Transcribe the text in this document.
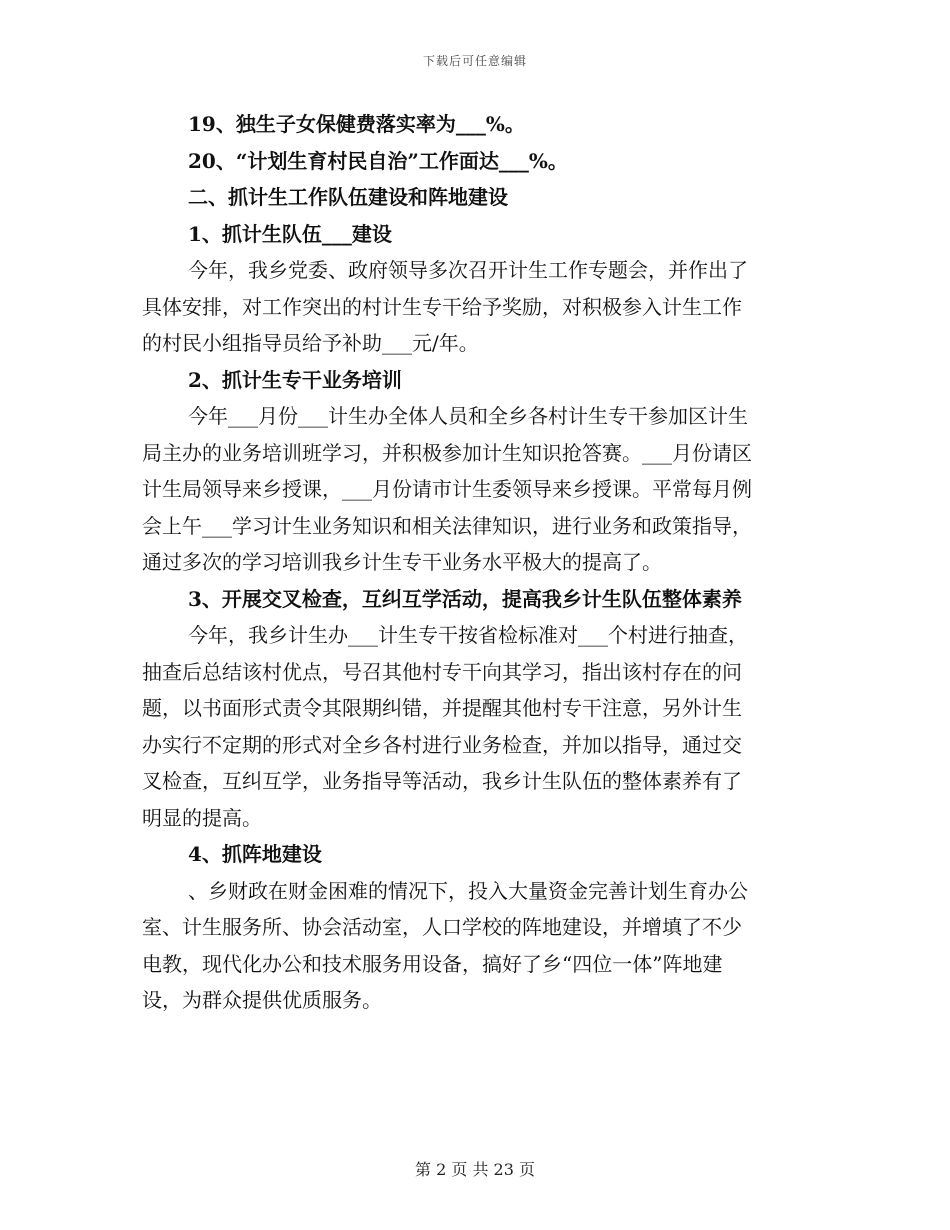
下载后可任意编辑
19、独生子女保健费落实率为___%。
20、“计划生育村民自治”工作面达___%。
二、抓计生工作队伍建设和阵地建设
1、抓计生队伍___建设
今年，我乡党委、政府领导多次召开计生工作专题会，并作出了
具体安排，对工作突出的村计生专干给予奖励，对积极参入计生工作
的村民小组指导员给予补助___元/年。
2、抓计生专干业务培训
今年___月份___计生办全体人员和全乡各村计生专干参加区计生
局主办的业务培训班学习，并积极参加计生知识抢答赛。___月份请区
计生局领导来乡授课，___月份请市计生委领导来乡授课。平常每月例
会上午___学习计生业务知识和相关法律知识，进行业务和政策指导，
通过多次的学习培训我乡计生专干业务水平极大的提高了。
3、开展交叉检查，互纠互学活动，提高我乡计生队伍整体素养
今年，我乡计生办___计生专干按省检标准对___个村进行抽查，
抽查后总结该村优点，号召其他村专干向其学习，指出该村存在的问
题，以书面形式责令其限期纠错，并提醒其他村专干注意，另外计生
办实行不定期的形式对全乡各村进行业务检查，并加以指导，通过交
叉检查，互纠互学，业务指导等活动，我乡计生队伍的整体素养有了
明显的提高。
4、抓阵地建设
、乡财政在财金困难的情况下，投入大量资金完善计划生育办公
室、计生服务所、协会活动室，人口学校的阵地建设，并增填了不少
电教，现代化办公和技术服务用设备，搞好了乡“四位一体”阵地建
设，为群众提供优质服务。
第 2 页 共 23 页
